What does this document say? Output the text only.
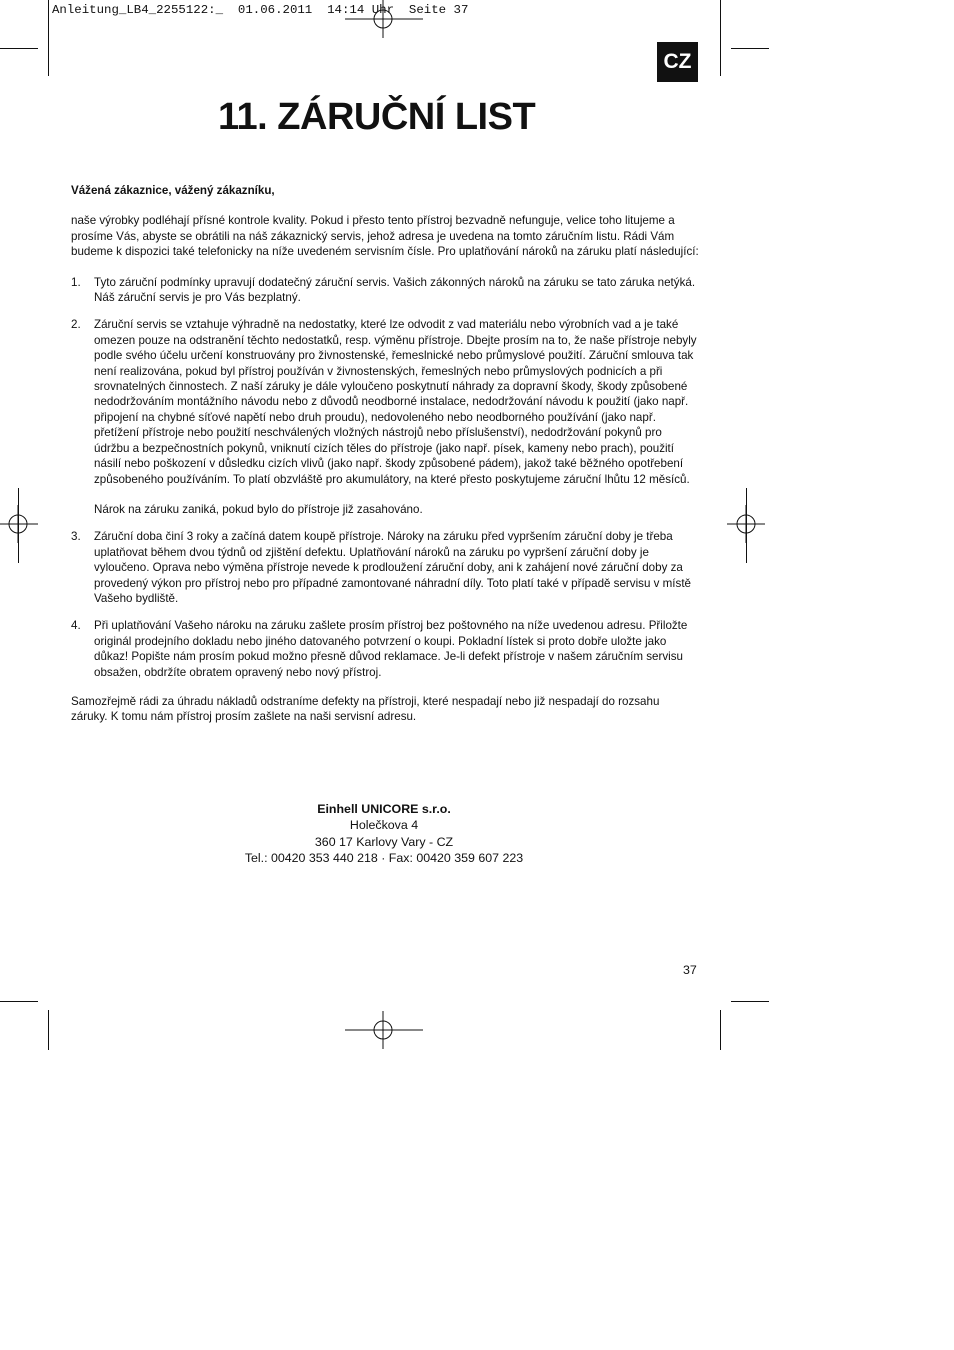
Anleitung_LB4_2255122:_  01.06.2011  14:14 Uhr  Seite 37
CZ
11. ZÁRUČNÍ LIST

Vážená zákaznice, vážený zákazníku,

naše výrobky podléhají přísné kontrole kvality. Pokud i přesto tento přístroj bezvadně nefunguje, velice toho litujeme a prosíme Vás, abyste se obrátili na náš zákaznický servis, jehož adresa je uvedena na tomto záručním listu. Rádi Vám budeme k dispozici také telefonicky na níže uvedeném servisním čísle. Pro uplatňování nároků na záruku platí následující:

1. Tyto záruční podmínky upravují dodatečný záruční servis. Vašich zákonných nároků na záruku se tato záruka netýká. Náš záruční servis je pro Vás bezplatný.

2. Záruční servis se vztahuje výhradně na nedostatky, které lze odvodit z vad materiálu nebo výrobních vad a je také omezen pouze na odstranění těchto nedostatků, resp. výměnu přístroje. Dbejte prosím na to, že naše přístroje nebyly podle svého účelu určení konstruovány pro živnostenské, řemeslnické nebo průmyslové použití. Záruční smlouva tak není realizována, pokud byl přístroj používán v živnostenských, řemeslných nebo průmyslových podnicích a při srovnatelných činnostech. Z naší záruky je dále vyloučeno poskytnutí náhrady za dopravní škody, škody způsobené nedodržováním montážního návodu nebo z důvodů neodborné instalace, nedodržování návodu k použití (jako např. připojení na chybné síťové napětí nebo druh proudu), nedovoleného nebo neodborného používání (jako např. přetížení přístroje nebo použití neschválených vložných nástrojů nebo příslušenství), nedodržování pokynů pro údržbu a bezpečnostních pokynů, vniknutí cizích těles do přístroje (jako např. písek, kameny nebo prach), použití násilí nebo poškození v důsledku cizích vlivů (jako např. škody způsobené pádem), jakož také běžného opotřebení způsobeného používáním. To platí obzvláště pro akumulátory, na které přesto poskytujeme záruční lhůtu 12 měsíců.

Nárok na záruku zaniká, pokud bylo do přístroje již zasahováno.

3. Záruční doba činí 3 roky a začíná datem koupě přístroje. Nároky na záruku před vypršením záruční doby je třeba uplatňovat během dvou týdnů od zjištění defektu. Uplatňování nároků na záruku po vypršení záruční doby je vyloučeno. Oprava nebo výměna přístroje nevede k prodloužení záruční doby, ani k zahájení nové záruční doby za provedený výkon pro přístroj nebo pro případné zamontované náhradní díly. Toto platí také v případě servisu v místě Vašeho bydliště.

4. Při uplatňování Vašeho nároku na záruku zašlete prosím přístroj bez poštovného na níže uvedenou adresu. Přiložte originál prodejního dokladu nebo jiného datovaného potvrzení o koupi. Pokladní lístek si proto dobře uložte jako důkaz! Popište nám prosím pokud možno přesně důvod reklamace. Je-li defekt přístroje v našem záručním servisu obsažen, obdržíte obratem opravený nebo nový přístroj.

Samozřejmě rádi za úhradu nákladů odstraníme defekty na přístroji, které nespadají nebo již nespadají do rozsahu záruky. K tomu nám přístroj prosím zašlete na naši servisní adresu.

Einhell UNICORE s.r.o.
Holečkova 4
360 17 Karlovy Vary - CZ
Tel.: 00420 353 440 218 · Fax: 00420 359 607 223
37
